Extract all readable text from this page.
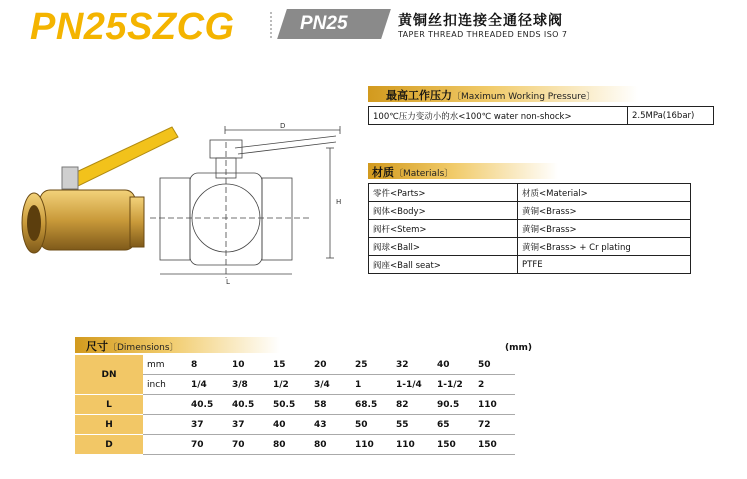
PN25SZCG	PN25	黄铜丝扣连接全通径球阀
TAPER THREAD THREADED ENDS ISO 7
D
H
L
最高工作压力〔Maximum Working Pressure〕
100℃压力变动小的水<100℃ water non-shock>	2.5MPa(16bar)
材质〔Materials〕
零件<Parts>	材质<Material>
阀体<Body>	黄铜<Brass>
阀杆<Stem>	黄铜<Brass>
阀球<Ball>	黄铜<Brass> + Cr plating
阀座<Ball seat>	PTFE
尺寸〔Dimensions〕	(mm)
DN	mm	8	10	15	20	25	32	40	50
	inch	1/4	3/8	1/2	3/4	1	1-1/4	1-1/2	2
L		40.5	40.5	50.5	58	68.5	82	90.5	110
H		37	37	40	43	50	55	65	72
D		70	70	80	80	110	110	150	150
